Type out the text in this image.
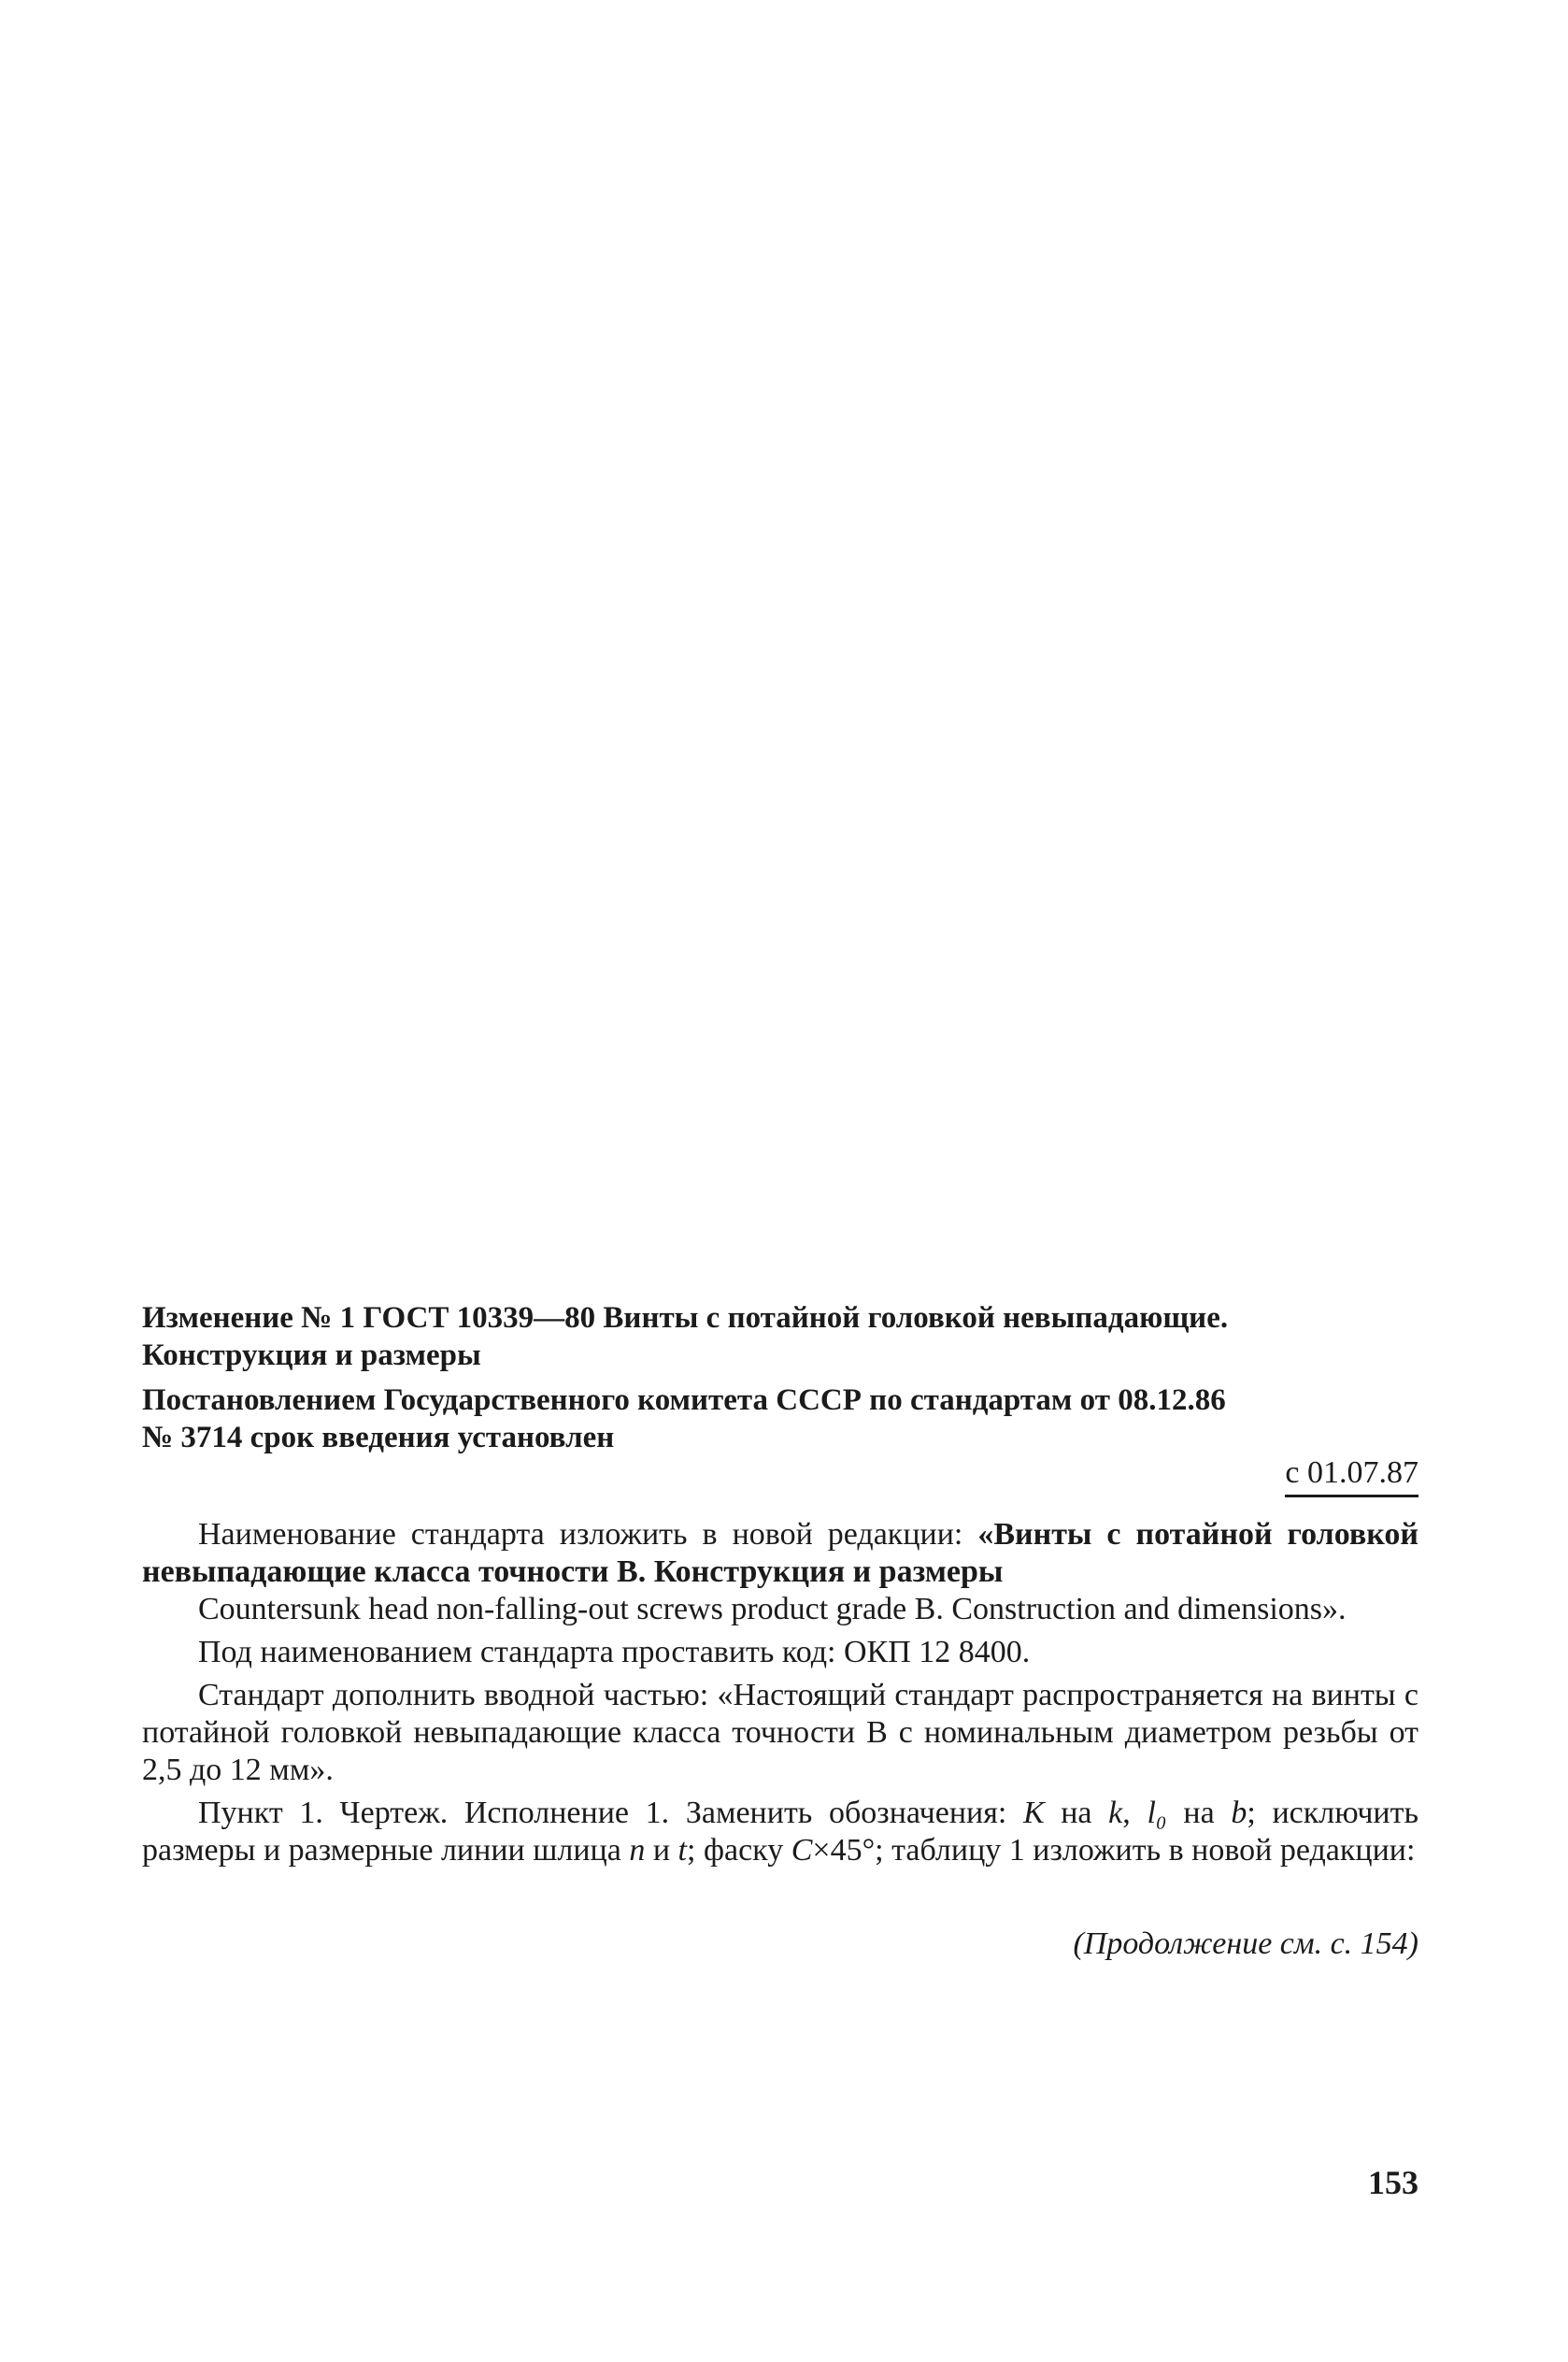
Изменение № 1 ГОСТ 10339—80 Винты с потайной головкой невыпадающие.
Конструкция и размеры
Постановлением Государственного комитета СССР по стандартам от 08.12.86
№ 3714 срок введения установлен
с 01.07.87

Наименование стандарта изложить в новой редакции: «Винты с потайной головкой невыпадающие класса точности В. Конструкция и размеры

Countersunk head non-falling-out screws product grade B. Construction and dimensions».

Под наименованием стандарта проставить код: ОКП 12 8400.

Стандарт дополнить вводной частью: «Настоящий стандарт распространяется на винты с потайной головкой невыпадающие класса точности В с номинальным диаметром резьбы от 2,5 до 12 мм».

Пункт 1. Чертеж. Исполнение 1. Заменить обозначения: К на k, l₀ на b; исключить размеры и размерные линии шлица n и t; фаску C×45°; таблицу 1 изложить в новой редакции:

(Продолжение см. с. 154)
153
